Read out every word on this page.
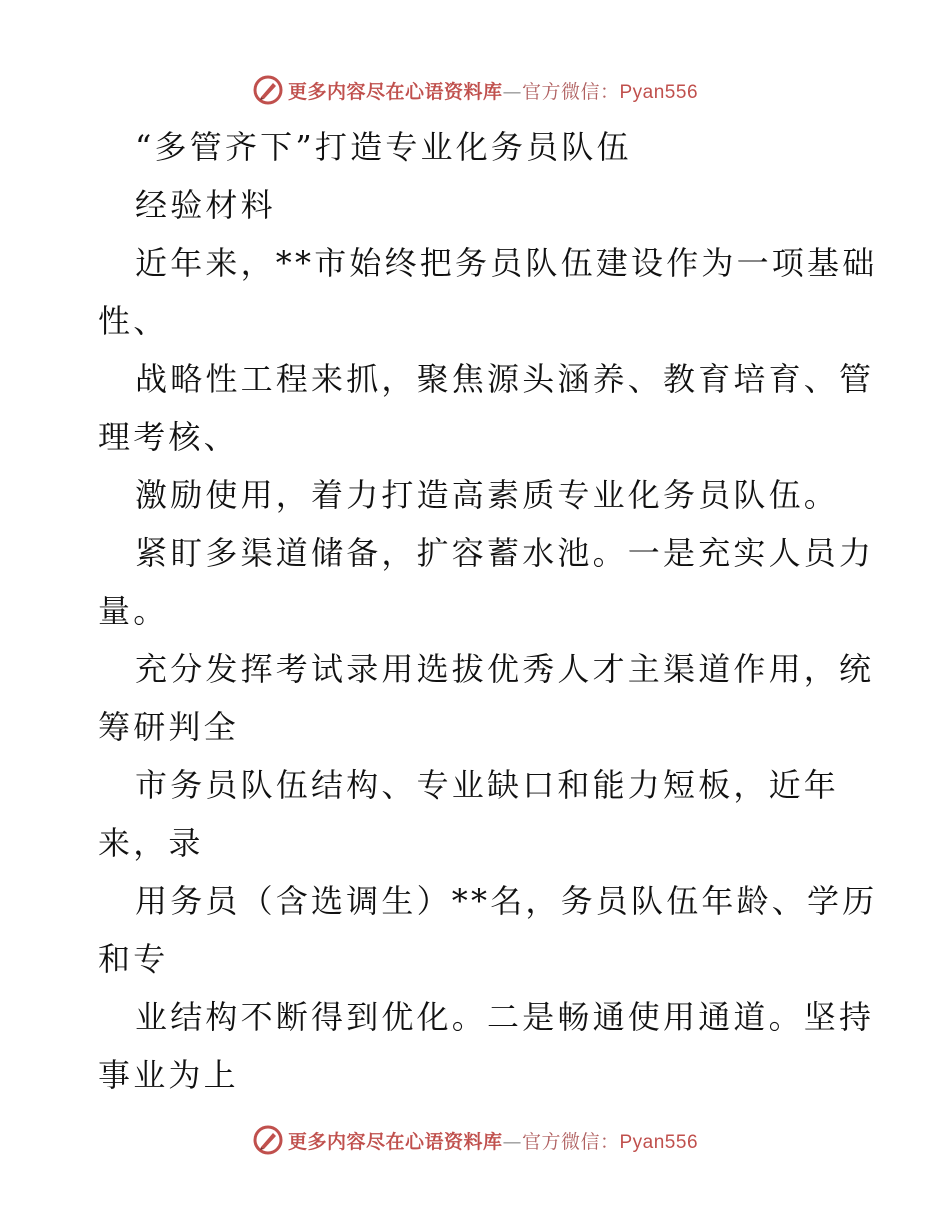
更多内容尽在心语资料库—官方微信：Pyan556
“多管齐下”打造专业化务员队伍
经验材料
近年来，**市始终把务员队伍建设作为一项基础
性、
战略性工程来抓，聚焦源头涵养、教育培育、管
理考核、
激励使用，着力打造高素质专业化务员队伍。
紧盯多渠道储备，扩容蓄水池。一是充实人员力
量。
充分发挥考试录用选拔优秀人才主渠道作用，统
筹研判全
市务员队伍结构、专业缺口和能力短板，近年
来，录
用务员（含选调生）**名，务员队伍年龄、学历
和专
业结构不断得到优化。二是畅通使用通道。坚持
事业为上
更多内容尽在心语资料库—官方微信：Pyan556
